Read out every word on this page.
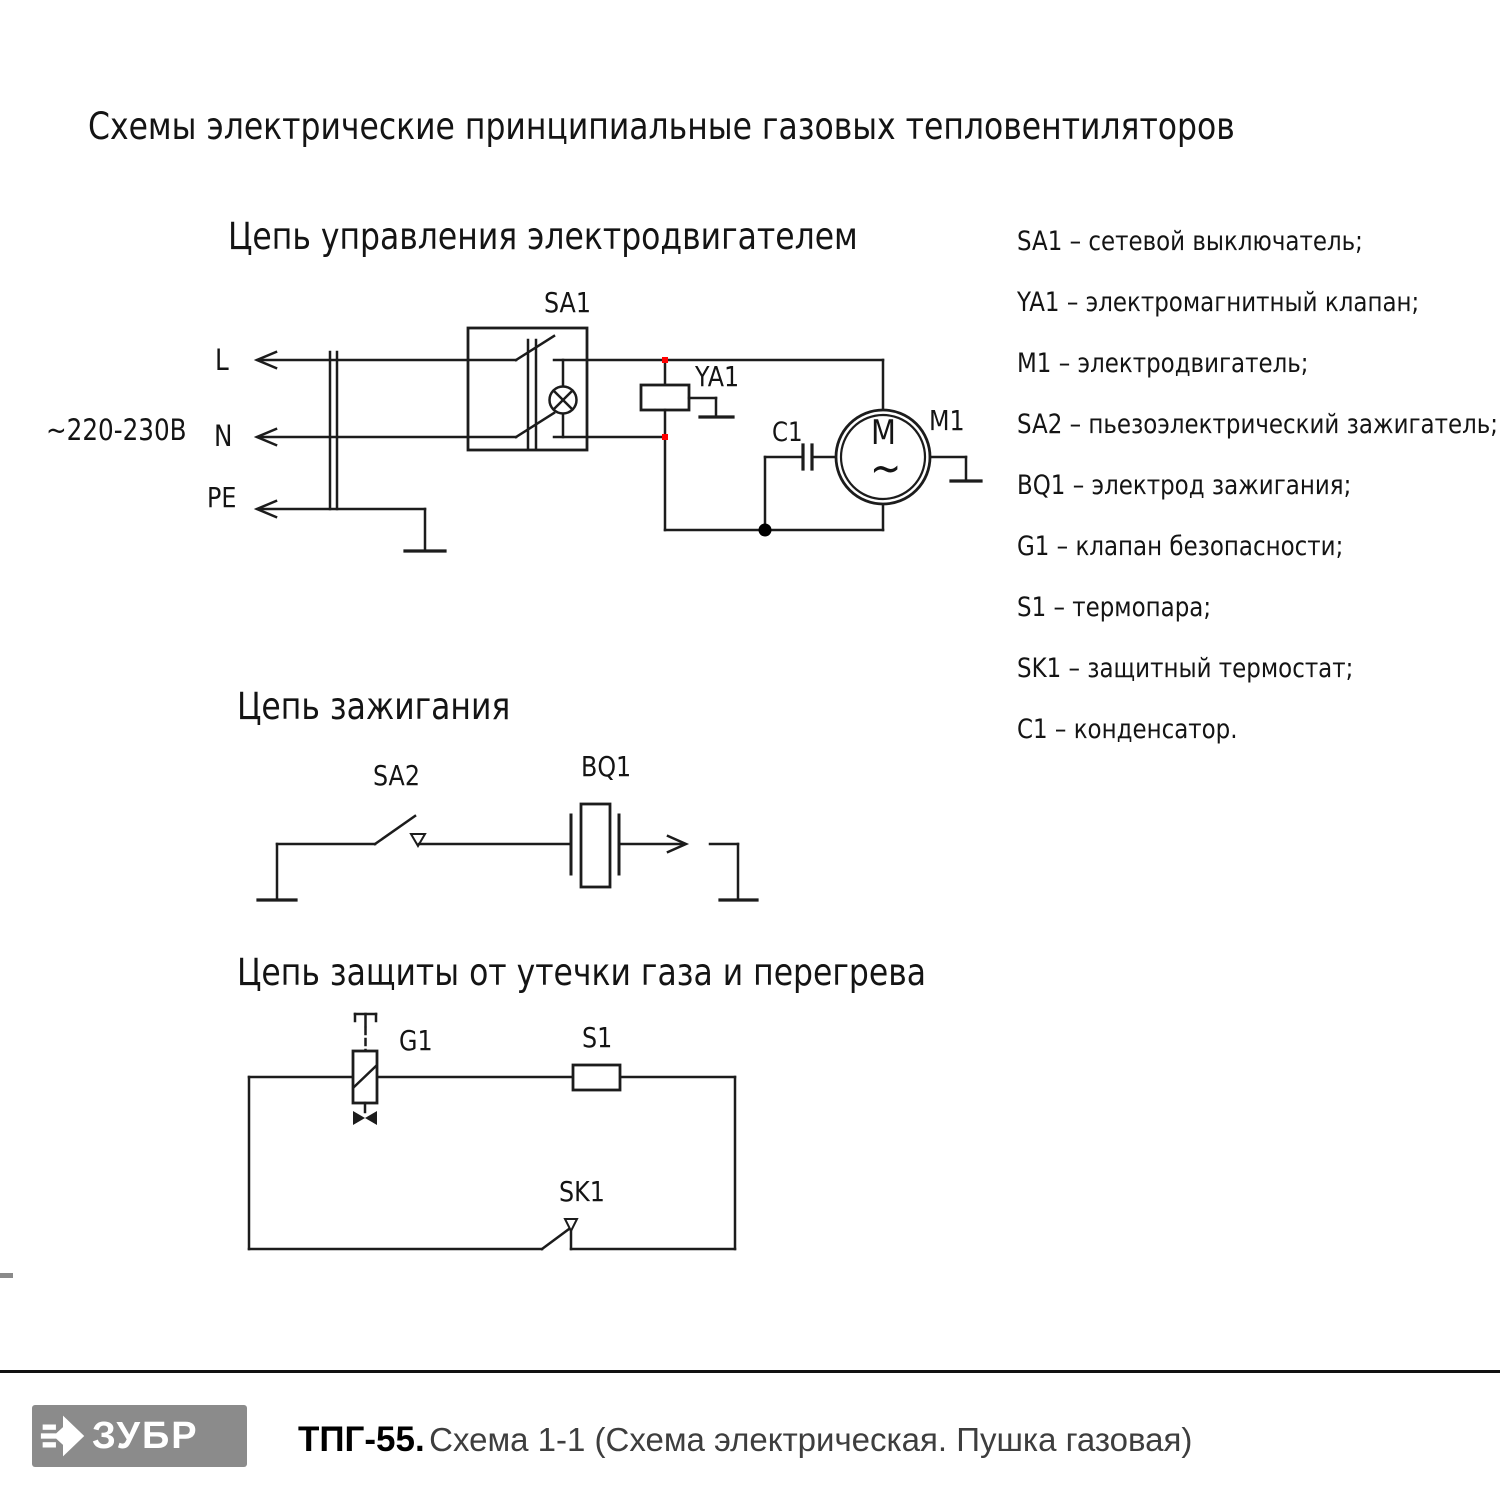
Схемы электрические принципиальные газовых тепловентиляторов
Цепь управления электродвигателем
Цепь зажигания
Цепь защиты от утечки газа и перегрева
~220-230В
L
N
PE
SA1
YA1
C1	M1
M
~
SA2	BQ1
G1	S1
SK1
SA1 – сетевой выключатель;
YA1 – электромагнитный клапан;
M1 – электродвигатель;
SA2 – пьезоэлектрический зажигатель;
BQ1 – электрод зажигания;
G1 – клапан безопасности;
S1 – термопара;
SK1 – защитный термостат;
C1 – конденсатор.
ЗУБР	ТПГ-55. Схема 1-1 (Схема электрическая. Пушка газовая)
